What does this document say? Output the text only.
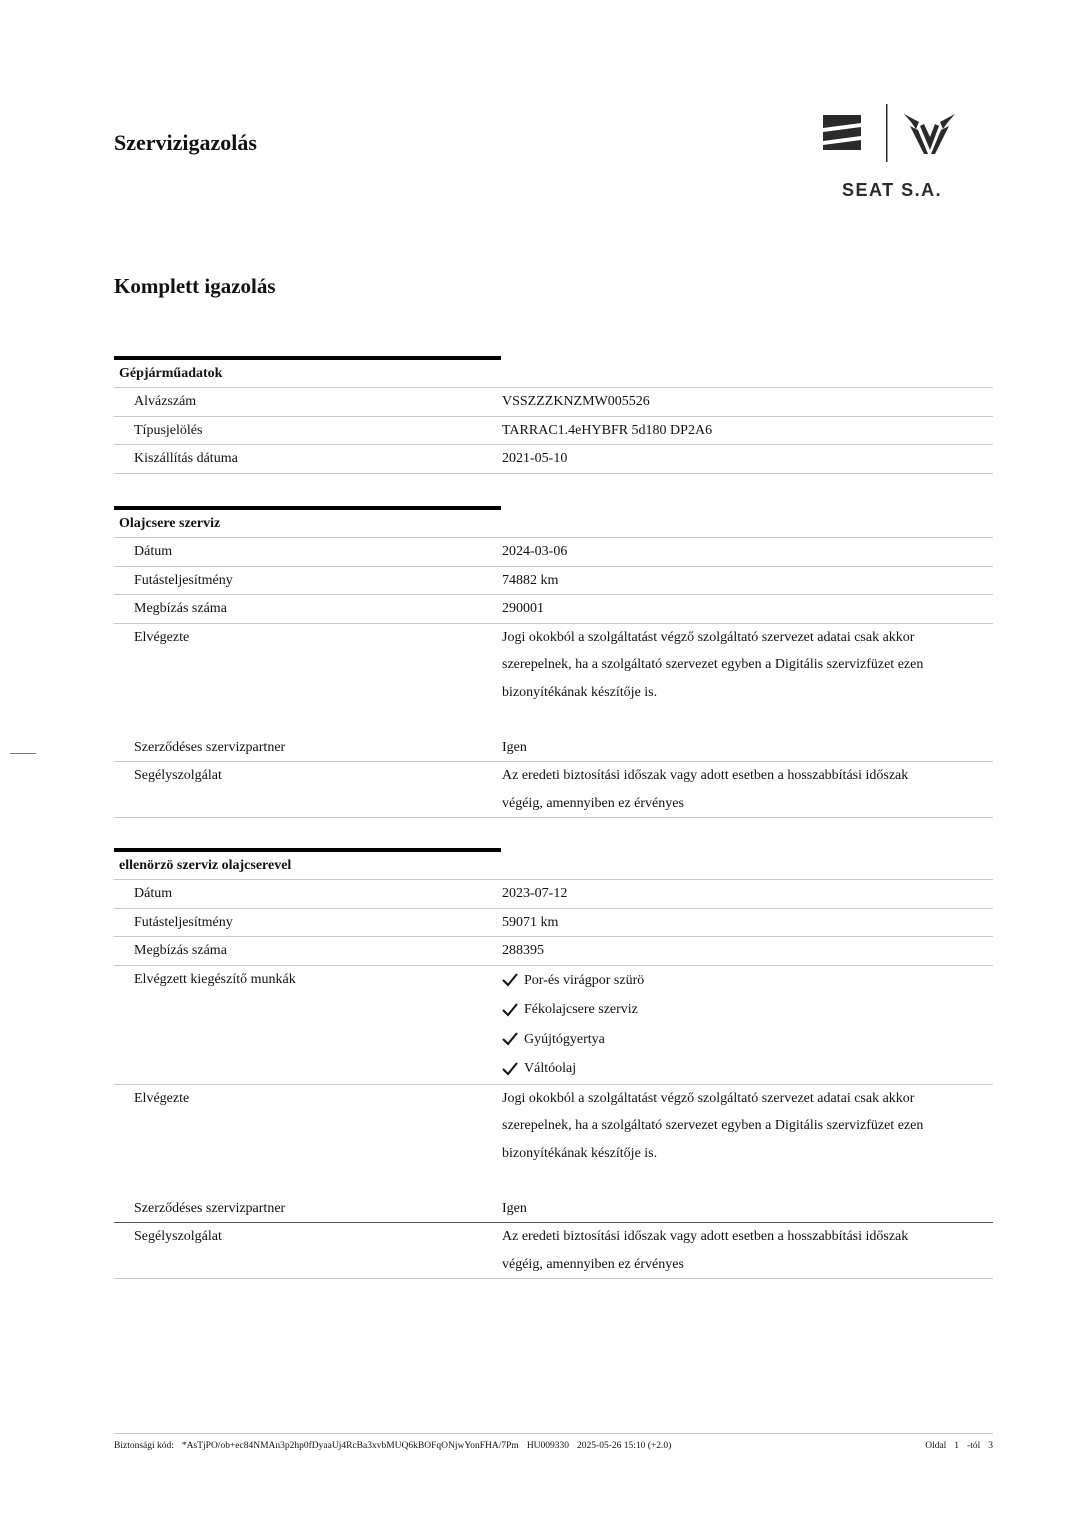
Szervizigazolás
SEAT S.A.
Komplett igazolás
Gépjárműadatok
Alvázszám	VSSZZZKNZMW005526
Típusjelölés	TARRAC1.4eHYBFR 5d180 DP2A6
Kiszállítás dátuma	2021-05-10
Olajcsere szerviz
Dátum	2024-03-06
Futásteljesítmény	74882 km
Megbízás száma	290001
Elvégezte	Jogi okokból a szolgáltatást végző szolgáltató szervezet adatai csak akkor
szerepelnek, ha a szolgáltató szervezet egyben a Digitális szervizfüzet ezen
bizonyítékának készítője is.
Szerződéses szervizpartner	Igen
Segélyszolgálat	Az eredeti biztosítási időszak vagy adott esetben a hosszabbítási időszak
végéig, amennyiben ez érvényes
ellenörzö szerviz olajcserevel
Dátum	2023-07-12
Futásteljesítmény	59071 km
Megbízás száma	288395
Elvégzett kiegészítő munkák	Por-és virágpor szürö
Fékolajcsere szerviz
Gyújtógyertya
Váltóolaj
Elvégezte	Jogi okokból a szolgáltatást végző szolgáltató szervezet adatai csak akkor
szerepelnek, ha a szolgáltató szervezet egyben a Digitális szervizfüzet ezen
bizonyítékának készítője is.
Szerződéses szervizpartner	Igen
Segélyszolgálat	Az eredeti biztosítási időszak vagy adott esetben a hosszabbítási időszak
végéig, amennyiben ez érvényes
Biztonsági kód: *AsTjPO/ob+ec84NMAn3p2hp0fDyaaUj4RcBa3xvbMUQ6kBOFqONjwYonFHA/7Pm HU009330 2025-05-26 15:10 (+2.0)	Oldal 1 -tól 3
